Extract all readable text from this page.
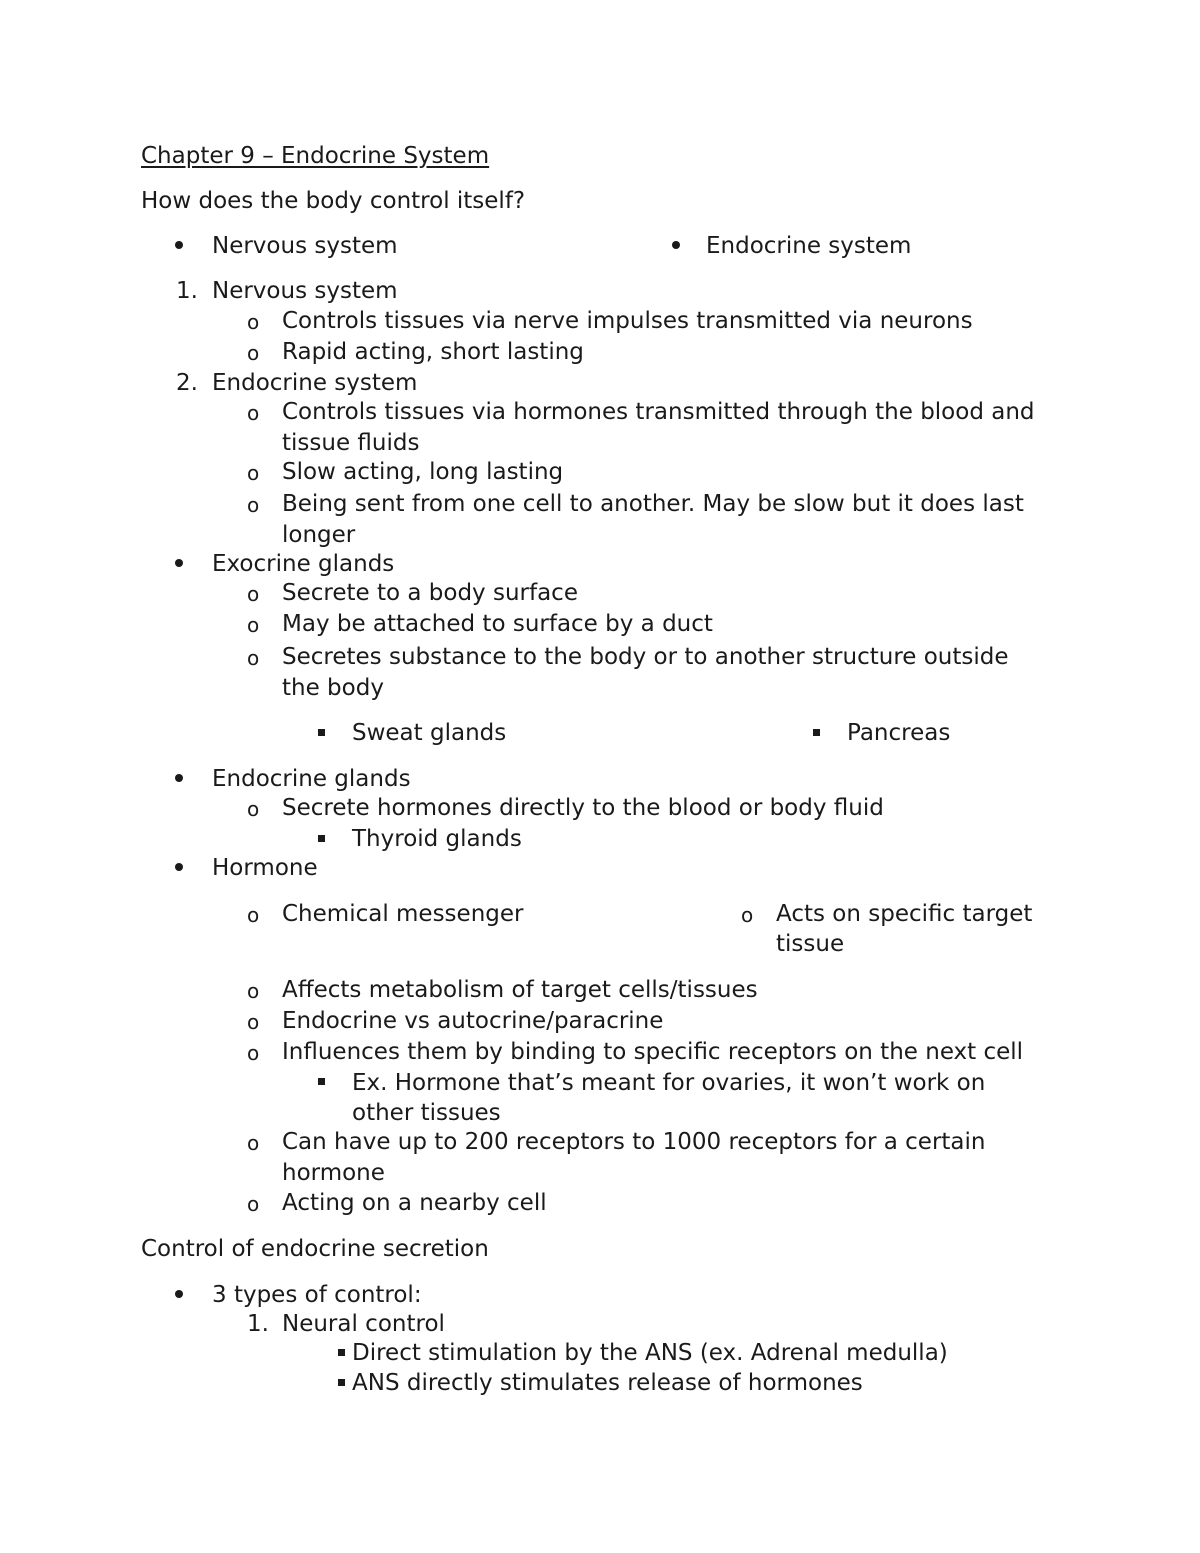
Chapter 9 – Endocrine System
How does the body control itself?
Nervous system	Endocrine system
1. Nervous system
o Controls tissues via nerve impulses transmitted via neurons
o Rapid acting, short lasting
2. Endocrine system
o Controls tissues via hormones transmitted through the blood and
tissue fluids
o Slow acting, long lasting
o Being sent from one cell to another. May be slow but it does last
longer
Exocrine glands
o Secrete to a body surface
o May be attached to surface by a duct
o Secretes substance to the body or to another structure outside
the body
Sweat glands	Pancreas
Endocrine glands
o Secrete hormones directly to the blood or body fluid
Thyroid glands
Hormone
o Chemical messenger	o Acts on specific target
tissue
o Affects metabolism of target cells/tissues
o Endocrine vs autocrine/paracrine
o Influences them by binding to specific receptors on the next cell
Ex. Hormone that’s meant for ovaries, it won’t work on
other tissues
o Can have up to 200 receptors to 1000 receptors for a certain
hormone
o Acting on a nearby cell
Control of endocrine secretion
3 types of control:
1. Neural control
Direct stimulation by the ANS (ex. Adrenal medulla)
ANS directly stimulates release of hormones
